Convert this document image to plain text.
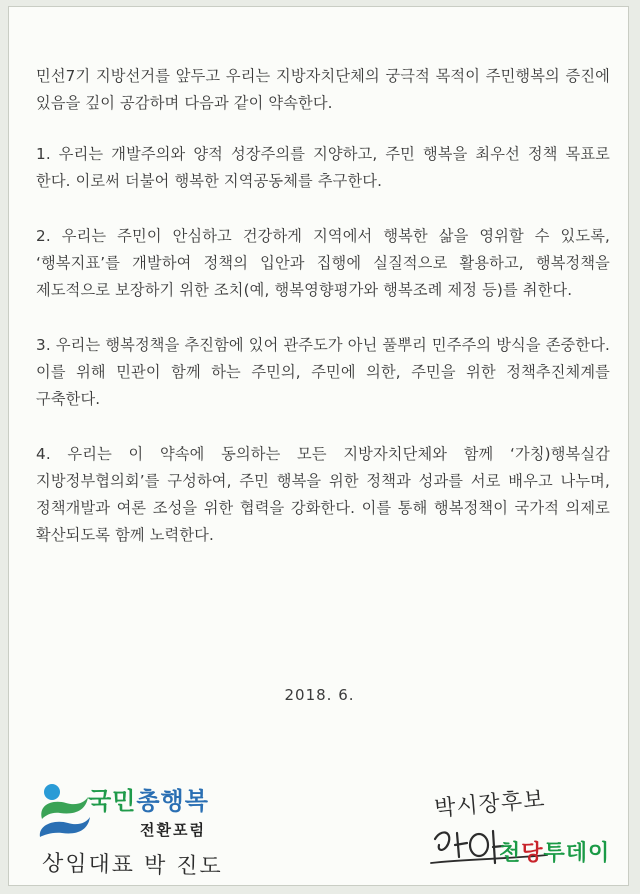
민선7기 지방선거를 앞두고 우리는 지방자치단체의 궁극적 목적이 주민행복의 증진에 있음을 깊이 공감하며 다음과 같이 약속한다.

1. 우리는 개발주의와 양적 성장주의를 지양하고, 주민 행복을 최우선 정책 목표로 한다. 이로써 더불어 행복한 지역공동체를 추구한다.

2. 우리는 주민이 안심하고 건강하게 지역에서 행복한 삶을 영위할 수 있도록, ‘행복지표’를 개발하여 정책의 입안과 집행에 실질적으로 활용하고, 행복정책을 제도적으로 보장하기 위한 조치(예, 행복영향평가와 행복조례 제정 등)를 취한다.

3. 우리는 행복정책을 추진함에 있어 관주도가 아닌 풀뿌리 민주주의 방식을 존중한다. 이를 위해 민관이 함께 하는 주민의, 주민에 의한, 주민을 위한 정책추진체계를 구축한다.

4. 우리는 이 약속에 동의하는 모든 지방자치단체와 함께 ‘가칭)행복실감 지방정부협의회’를 구성하여, 주민 행복을 위한 정책과 성과를 서로 배우고 나누며, 정책개발과 여론 조성을 위한 협력을 강화한다. 이를 통해 행복정책이 국가적 의제로 확산되도록 함께 노력한다.

2018. 6.
국민총행복
전환포럼
상임대표 박 진도
박시장후보
천당투데이
